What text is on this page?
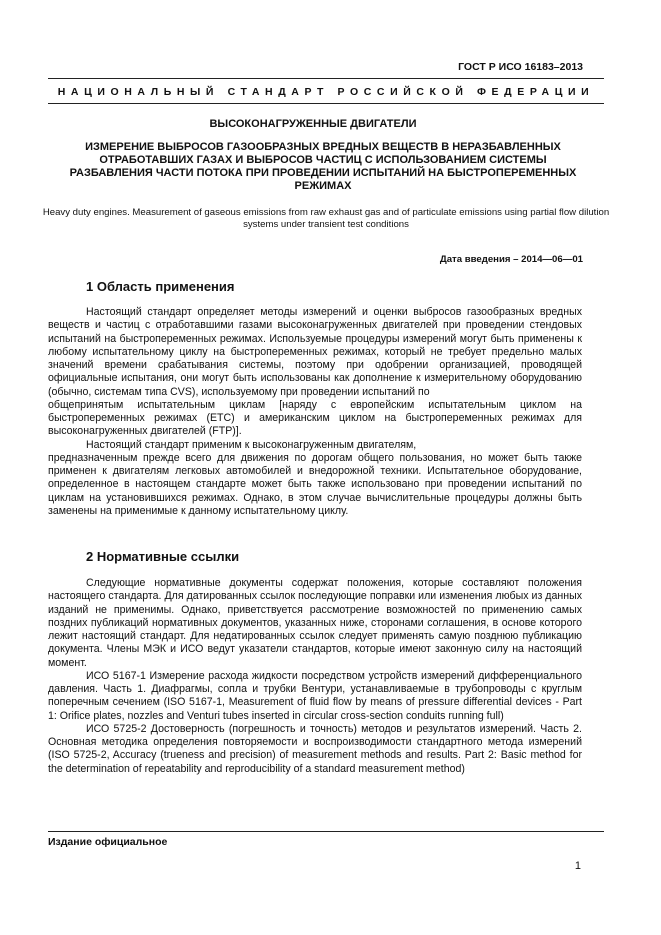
ГОСТ Р ИСО 16183–2013
НАЦИОНАЛЬНЫЙ СТАНДАРТ РОССИЙСКОЙ ФЕДЕРАЦИИ
ВЫСОКОНАГРУЖЕННЫЕ ДВИГАТЕЛИ
ИЗМЕРЕНИЕ ВЫБРОСОВ ГАЗООБРАЗНЫХ ВРЕДНЫХ ВЕЩЕСТВ В НЕРАЗБАВЛЕННЫХ ОТРАБОТАВШИХ ГАЗАХ И ВЫБРОСОВ ЧАСТИЦ С ИСПОЛЬЗОВАНИЕМ СИСТЕМЫ РАЗБАВЛЕНИЯ ЧАСТИ ПОТОКА ПРИ ПРОВЕДЕНИИ ИСПЫТАНИЙ НА БЫСТРОПЕРЕМЕННЫХ РЕЖИМАХ
Heavy duty engines. Measurement of gaseous emissions from raw exhaust gas and of particulate emissions using partial flow dilution systems under transient test conditions
Дата введения – 2014—06—01
1 Область применения

Настоящий стандарт определяет методы измерений и оценки выбросов газообразных вредных веществ и частиц с отработавшими газами высоконагруженных двигателей при проведении стендовых испытаний на быстропеременных режимах. Используемые процедуры измерений могут быть применены к любому испытательному циклу на быстропеременных режимах, который не требует предельно малых значений времени срабатывания системы, поэтому при одобрении организацией, проводящей официальные испытания, они могут быть использованы как дополнение к измерительному оборудованию (обычно, системам типа CVS), используемому при проведении испытаний по

общепринятым испытательным циклам [наряду с европейским испытательным циклом на быстропеременных режимах (ETC) и американским циклом на быстропеременных режимах для высоконагруженных двигателей (FTP)].

Настоящий стандарт применим к высоконагруженным двигателям,

предназначенным прежде всего для движения по дорогам общего пользования, но может быть также применен к двигателям легковых автомобилей и внедорожной техники. Испытательное оборудование, определенное в настоящем стандарте может быть также использовано при проведении испытаний по циклам на установившихся режимах. Однако, в этом случае вычислительные процедуры должны быть заменены на применимые к данному испытательному циклу.

2 Нормативные ссылки

Следующие нормативные документы содержат положения, которые составляют положения настоящего стандарта. Для датированных ссылок последующие поправки или изменения любых из данных изданий не применимы. Однако, приветствуется рассмотрение возможностей по применению самых поздних публикаций нормативных документов, указанных ниже, сторонами соглашения, в основе которого лежит настоящий стандарт. Для недатированных ссылок следует применять самую позднюю публикацию документа. Члены МЭК и ИСО ведут указатели стандартов, которые имеют законную силу на настоящий момент.

ИСО 5167-1 Измерение расхода жидкости посредством устройств измерений дифференциального давления. Часть 1. Диафрагмы, сопла и трубки Вентури, устанавливаемые в трубопроводы с круглым поперечным сечением (ISO 5167-1, Measurement of fluid flow by means of pressure differential devices - Part 1: Orifice plates, nozzles and Venturi tubes inserted in circular cross-section conduits running full)

ИСО 5725-2 Достоверность (погрешность и точность) методов и результатов измерений. Часть 2. Основная методика определения повторяемости и воспроизводимости стандартного метода измерений (ISO 5725-2, Accuracy (trueness and precision) of measurement methods and results. Part 2: Basic method for the determination of repeatability and reproducibility of a standard measurement method)

Издание официальное
1
